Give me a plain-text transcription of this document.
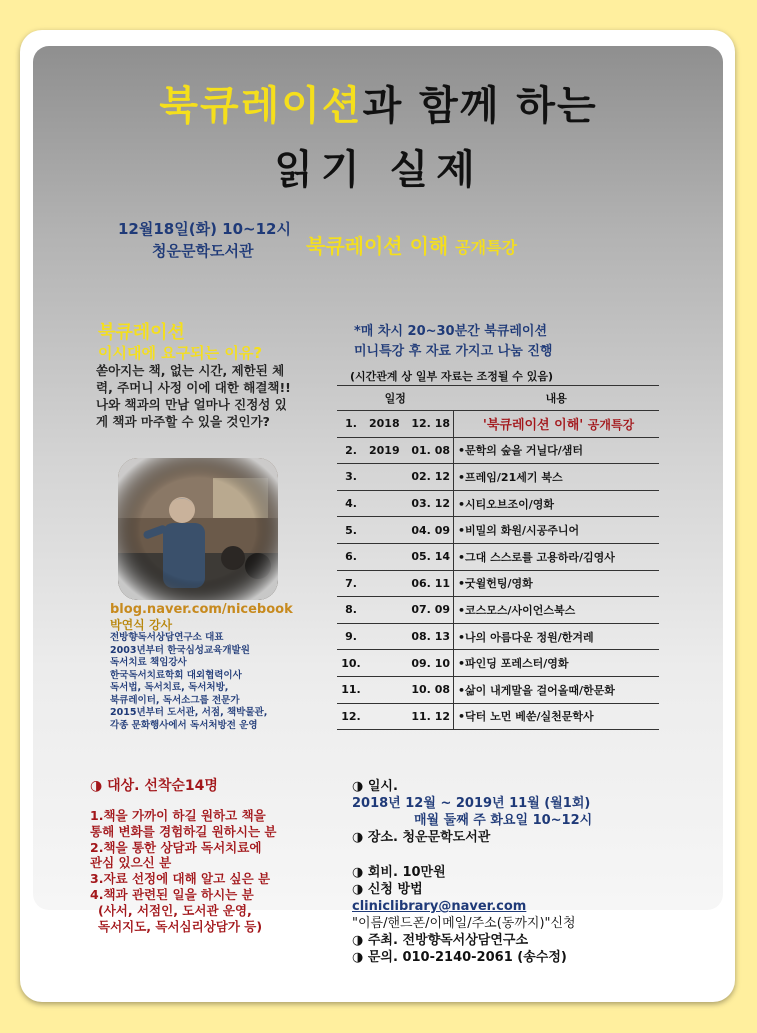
북큐레이션과 함께 하는
읽기 실제
12월18일(화) 10~12시
청운문학도서관	북큐레이션 이해 공개특강
북큐레이션
이시대에 요구되는 이유?
쏟아지는 책, 없는 시간, 제한된 체
력, 주머니 사정 이에 대한 해결책!!
나와 책과의 만남 얼마나 진정성 있
게 책과 마주할 수 있을 것인가?
blog.naver.com/nicebook
박연식 강사
전방향독서상담연구소 대표
2003년부터 한국심성교육개발원
독서치료 책임강사
한국독서치료학회 대외협력이사
독서법, 독서치료, 독서처방,
북큐레이터, 독서소그룹 전문가
2015년부터 도서관, 서점, 책박물관,
각종 문화행사에서 독서처방전 운영
*매 차시 20~30분간 북큐레이션
미니특강 후 자료 가지고 나눔 진행
(시간관계 상 일부 자료는 조정될 수 있음)
일정		내용
1.	2018 12. 18	'북큐레이션 이해' 공개특강
2.	2019 01. 08	•문학의 숲을 거닐다/샘터
3.	02. 12	•프레임/21세기 북스
4.	03. 12	•시티오브조이/영화
5.	04. 09	•비밀의 화원/시공주니어
6.	05. 14	•그대 스스로를 고용하라/김영사
7.	06. 11	•굿윌헌팅/영화
8.	07. 09	•코스모스/사이언스북스
9.	08. 13	•나의 아름다운 정원/한겨레
10.	09. 10	•파인딩 포레스터/영화
11.	10. 08	•삶이 내게말을 걸어올때/한문화
12.	11. 12	•닥터 노먼 베쑨/실천문학사
◑ 대상. 선착순14명
1.책을 가까이 하길 원하고 책을
통해 변화를 경험하길 원하시는 분
2.책을 통한 상담과 독서치료에
관심 있으신 분
3.자료 선정에 대해 알고 싶은 분
4.책과 관련된 일을 하시는 분
(사서, 서점인, 도서관 운영,
독서지도, 독서심리상담가 등)
◑ 일시.
2018년 12월 ~ 2019년 11월 (월1회)
매월 둘째 주 화요일 10~12시
◑ 장소. 청운문학도서관
◑ 회비. 10만원
◑ 신청 방법
cliniclibrary@naver.com
"이름/핸드폰/이메일/주소(동까지)"신청
◑ 주최. 전방향독서상담연구소
◑ 문의. 010-2140-2061 (송수정)
